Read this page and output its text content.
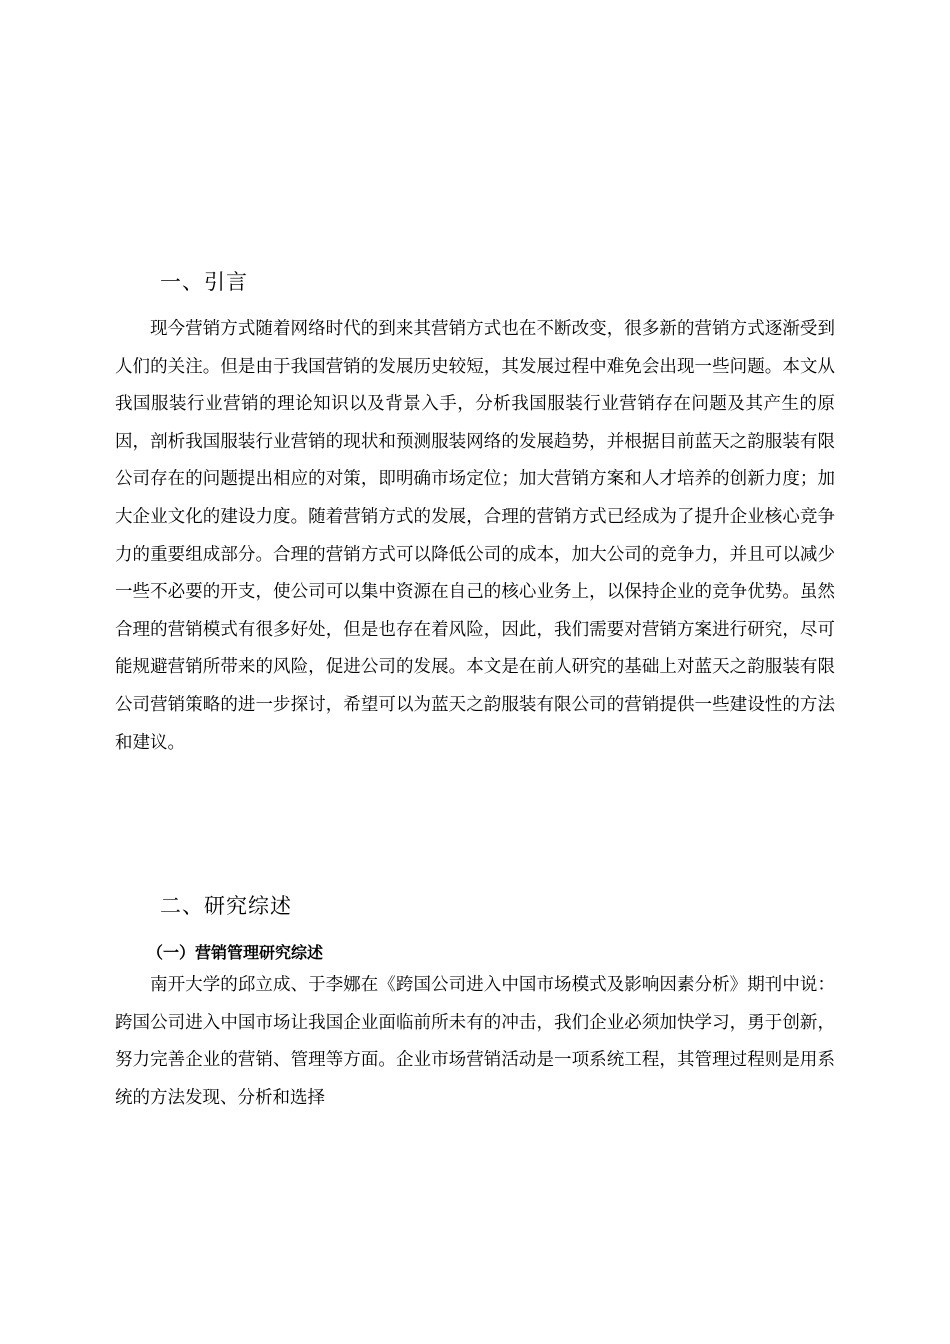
一、引言

现今营销方式随着网络时代的到来其营销方式也在不断改变，很多新的营销方式逐渐受到人们的关注。但是由于我国营销的发展历史较短，其发展过程中难免会出现一些问题。本文从我国服装行业营销的理论知识以及背景入手，分析我国服装行业营销存在问题及其产生的原因，剖析我国服装行业营销的现状和预测服装网络的发展趋势，并根据目前蓝天之韵服装有限公司存在的问题提出相应的对策，即明确市场定位；加大营销方案和人才培养的创新力度；加大企业文化的建设力度。随着营销方式的发展，合理的营销方式已经成为了提升企业核心竞争力的重要组成部分。合理的营销方式可以降低公司的成本，加大公司的竞争力，并且可以减少一些不必要的开支，使公司可以集中资源在自己的核心业务上，以保持企业的竞争优势。虽然合理的营销模式有很多好处，但是也存在着风险，因此，我们需要对营销方案进行研究，尽可能规避营销所带来的风险，促进公司的发展。本文是在前人研究的基础上对蓝天之韵服装有限公司营销策略的进一步探讨，希望可以为蓝天之韵服装有限公司的营销提供一些建设性的方法和建议。

二、研究综述
（一）营销管理研究综述

南开大学的邱立成、于李娜在《跨国公司进入中国市场模式及影响因素分析》期刊中说：跨国公司进入中国市场让我国企业面临前所未有的冲击，我们企业必须加快学习，勇于创新，努力完善企业的营销、管理等方面。企业市场营销活动是一项系统工程，其管理过程则是用系统的方法发现、分析和选择
